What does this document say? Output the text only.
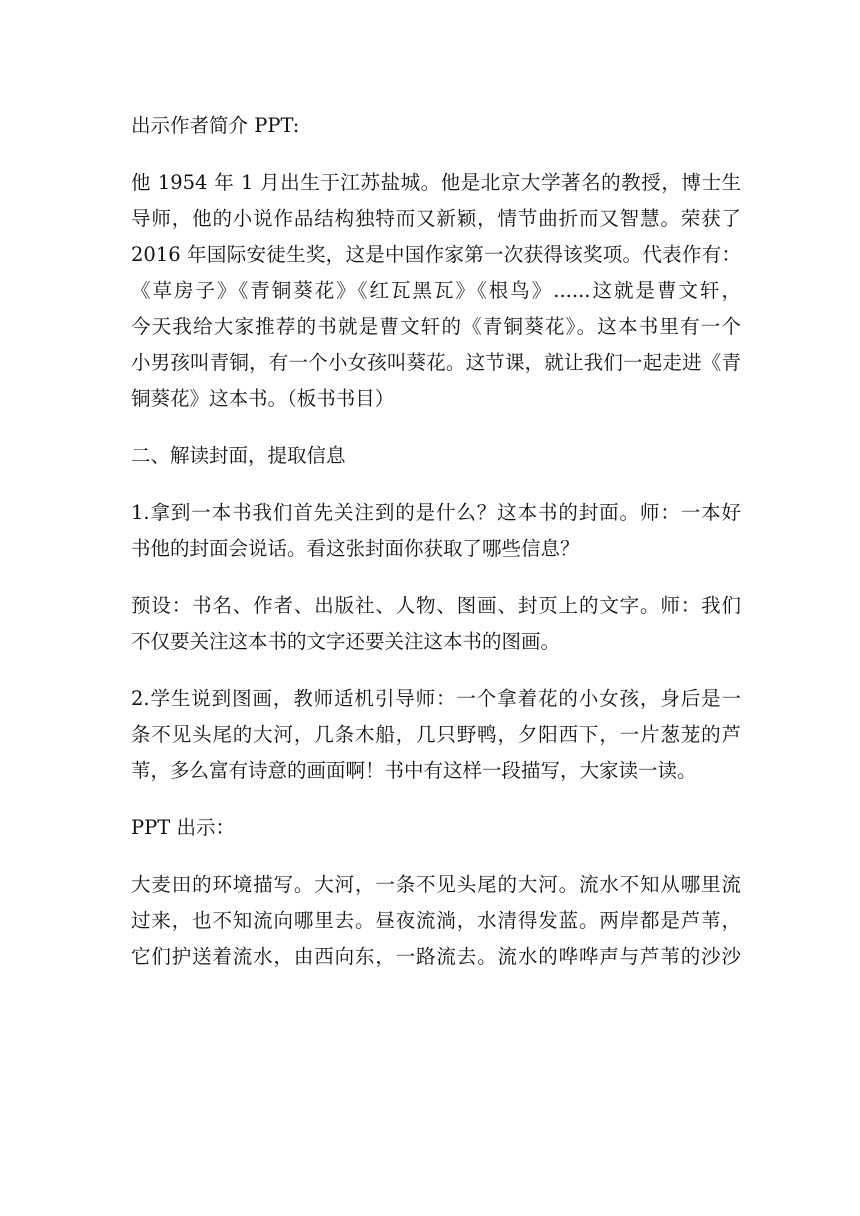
出示作者简介 PPT:

他 1954 年 1 月出生于江苏盐城。他是北京大学著名的教授，博士生
导师，他的小说作品结构独特而又新颖，情节曲折而又智慧。荣获了
2016 年国际安徒生奖，这是中国作家第一次获得该奖项。代表作有：
《草房子》《青铜葵花》《红瓦黑瓦》《根鸟》......这就是曹文轩，
今天我给大家推荐的书就是曹文轩的《青铜葵花》。这本书里有一个
小男孩叫青铜，有一个小女孩叫葵花。这节课，就让我们一起走进《青
铜葵花》这本书。（板书书目）

二、解读封面，提取信息

1.拿到一本书我们首先关注到的是什么？这本书的封面。师：一本好
书他的封面会说话。看这张封面你获取了哪些信息？

预设：书名、作者、出版社、人物、图画、封页上的文字。师：我们
不仅要关注这本书的文字还要关注这本书的图画。

2.学生说到图画，教师适机引导师：一个拿着花的小女孩，身后是一
条不见头尾的大河，几条木船，几只野鸭，夕阳西下，一片葱茏的芦
苇，多么富有诗意的画面啊！书中有这样一段描写，大家读一读。

PPT 出示：

大麦田的环境描写。大河，一条不见头尾的大河。流水不知从哪里流
过来，也不知流向哪里去。昼夜流淌，水清得发蓝。两岸都是芦苇，
它们护送着流水，由西向东，一路流去。流水的哗哗声与芦苇的沙沙
